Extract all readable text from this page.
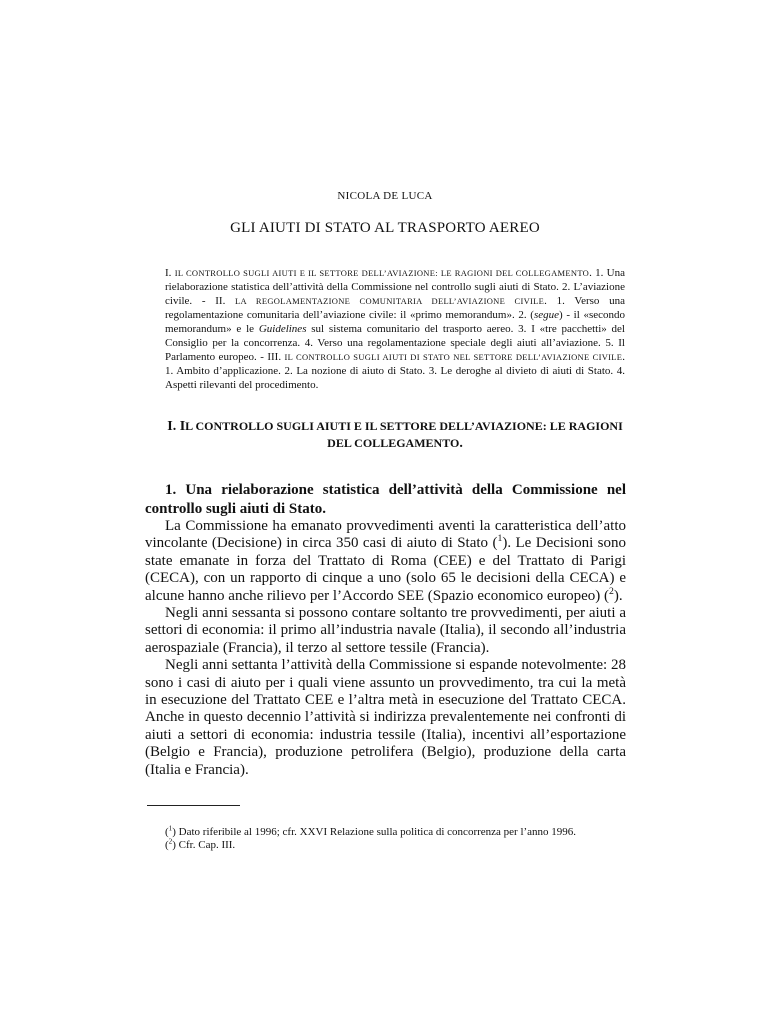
NICOLA DE LUCA
GLI AIUTI DI STATO AL TRASPORTO AEREO
I. IL CONTROLLO SUGLI AIUTI E IL SETTORE DELL’AVIAZIONE: LE RAGIONI DEL COLLEGAMENTO. 1. Una rielaborazione statistica dell’attività della Commissione nel controllo sugli aiuti di Stato. 2. L’aviazione civile. - II. LA REGOLAMENTAZIONE COMUNITARIA DELL’AVIAZIONE CIVILE. 1. Verso una regolamentazione comunitaria dell’aviazione civile: il «primo memorandum». 2. (segue) - il «secondo memorandum» e le Guidelines sul sistema comunitario del trasporto aereo. 3. I «tre pacchetti» del Consiglio per la concorrenza. 4. Verso una regolamentazione speciale degli aiuti all’aviazione. 5. Il Parlamento europeo. - III. IL CONTROLLO SUGLI AIUTI DI STATO NEL SETTORE DELL’AVIAZIONE CIVILE. 1. Ambito d’applicazione. 2. La nozione di aiuto di Stato. 3. Le deroghe al divieto di aiuti di Stato. 4. Aspetti rilevanti del procedimento.
I. IL CONTROLLO SUGLI AIUTI E IL SETTORE DELL’AVIAZIONE: LE RAGIONI DEL COLLEGAMENTO.
1. Una rielaborazione statistica dell’attività della Commissione nel controllo sugli aiuti di Stato.

La Commissione ha emanato provvedimenti aventi la caratteristica dell’atto vincolante (Decisione) in circa 350 casi di aiuto di Stato ($^1$). Le Decisioni sono state emanate in forza del Trattato di Roma (CEE) e del Trattato di Parigi (CECA), con un rapporto di cinque a uno (solo 65 le decisioni della CECA) e alcune hanno anche rilievo per l’Accordo SEE (Spazio economico europeo) ($^2$).

Negli anni sessanta si possono contare soltanto tre provvedimenti, per aiuti a settori di economia: il primo all’industria navale (Italia), il secondo all’industria aerospaziale (Francia), il terzo al settore tessile (Francia).

Negli anni settanta l’attività della Commissione si espande notevolmente: 28 sono i casi di aiuto per i quali viene assunto un provvedimento, tra cui la metà in esecuzione del Trattato CEE e l’altra metà in esecuzione del Trattato CECA. Anche in questo decennio l’attività si indirizza prevalentemente nei confronti di aiuti a settori di economia: industria tessile (Italia), incentivi all’esportazione (Belgio e Francia), produzione petrolifera (Belgio), produzione della carta (Italia e Francia).

($^1$) Dato riferibile al 1996; cfr. XXVI Relazione sulla politica di concorrenza per l’anno 1996.
($^2$) Cfr. Cap. III.
